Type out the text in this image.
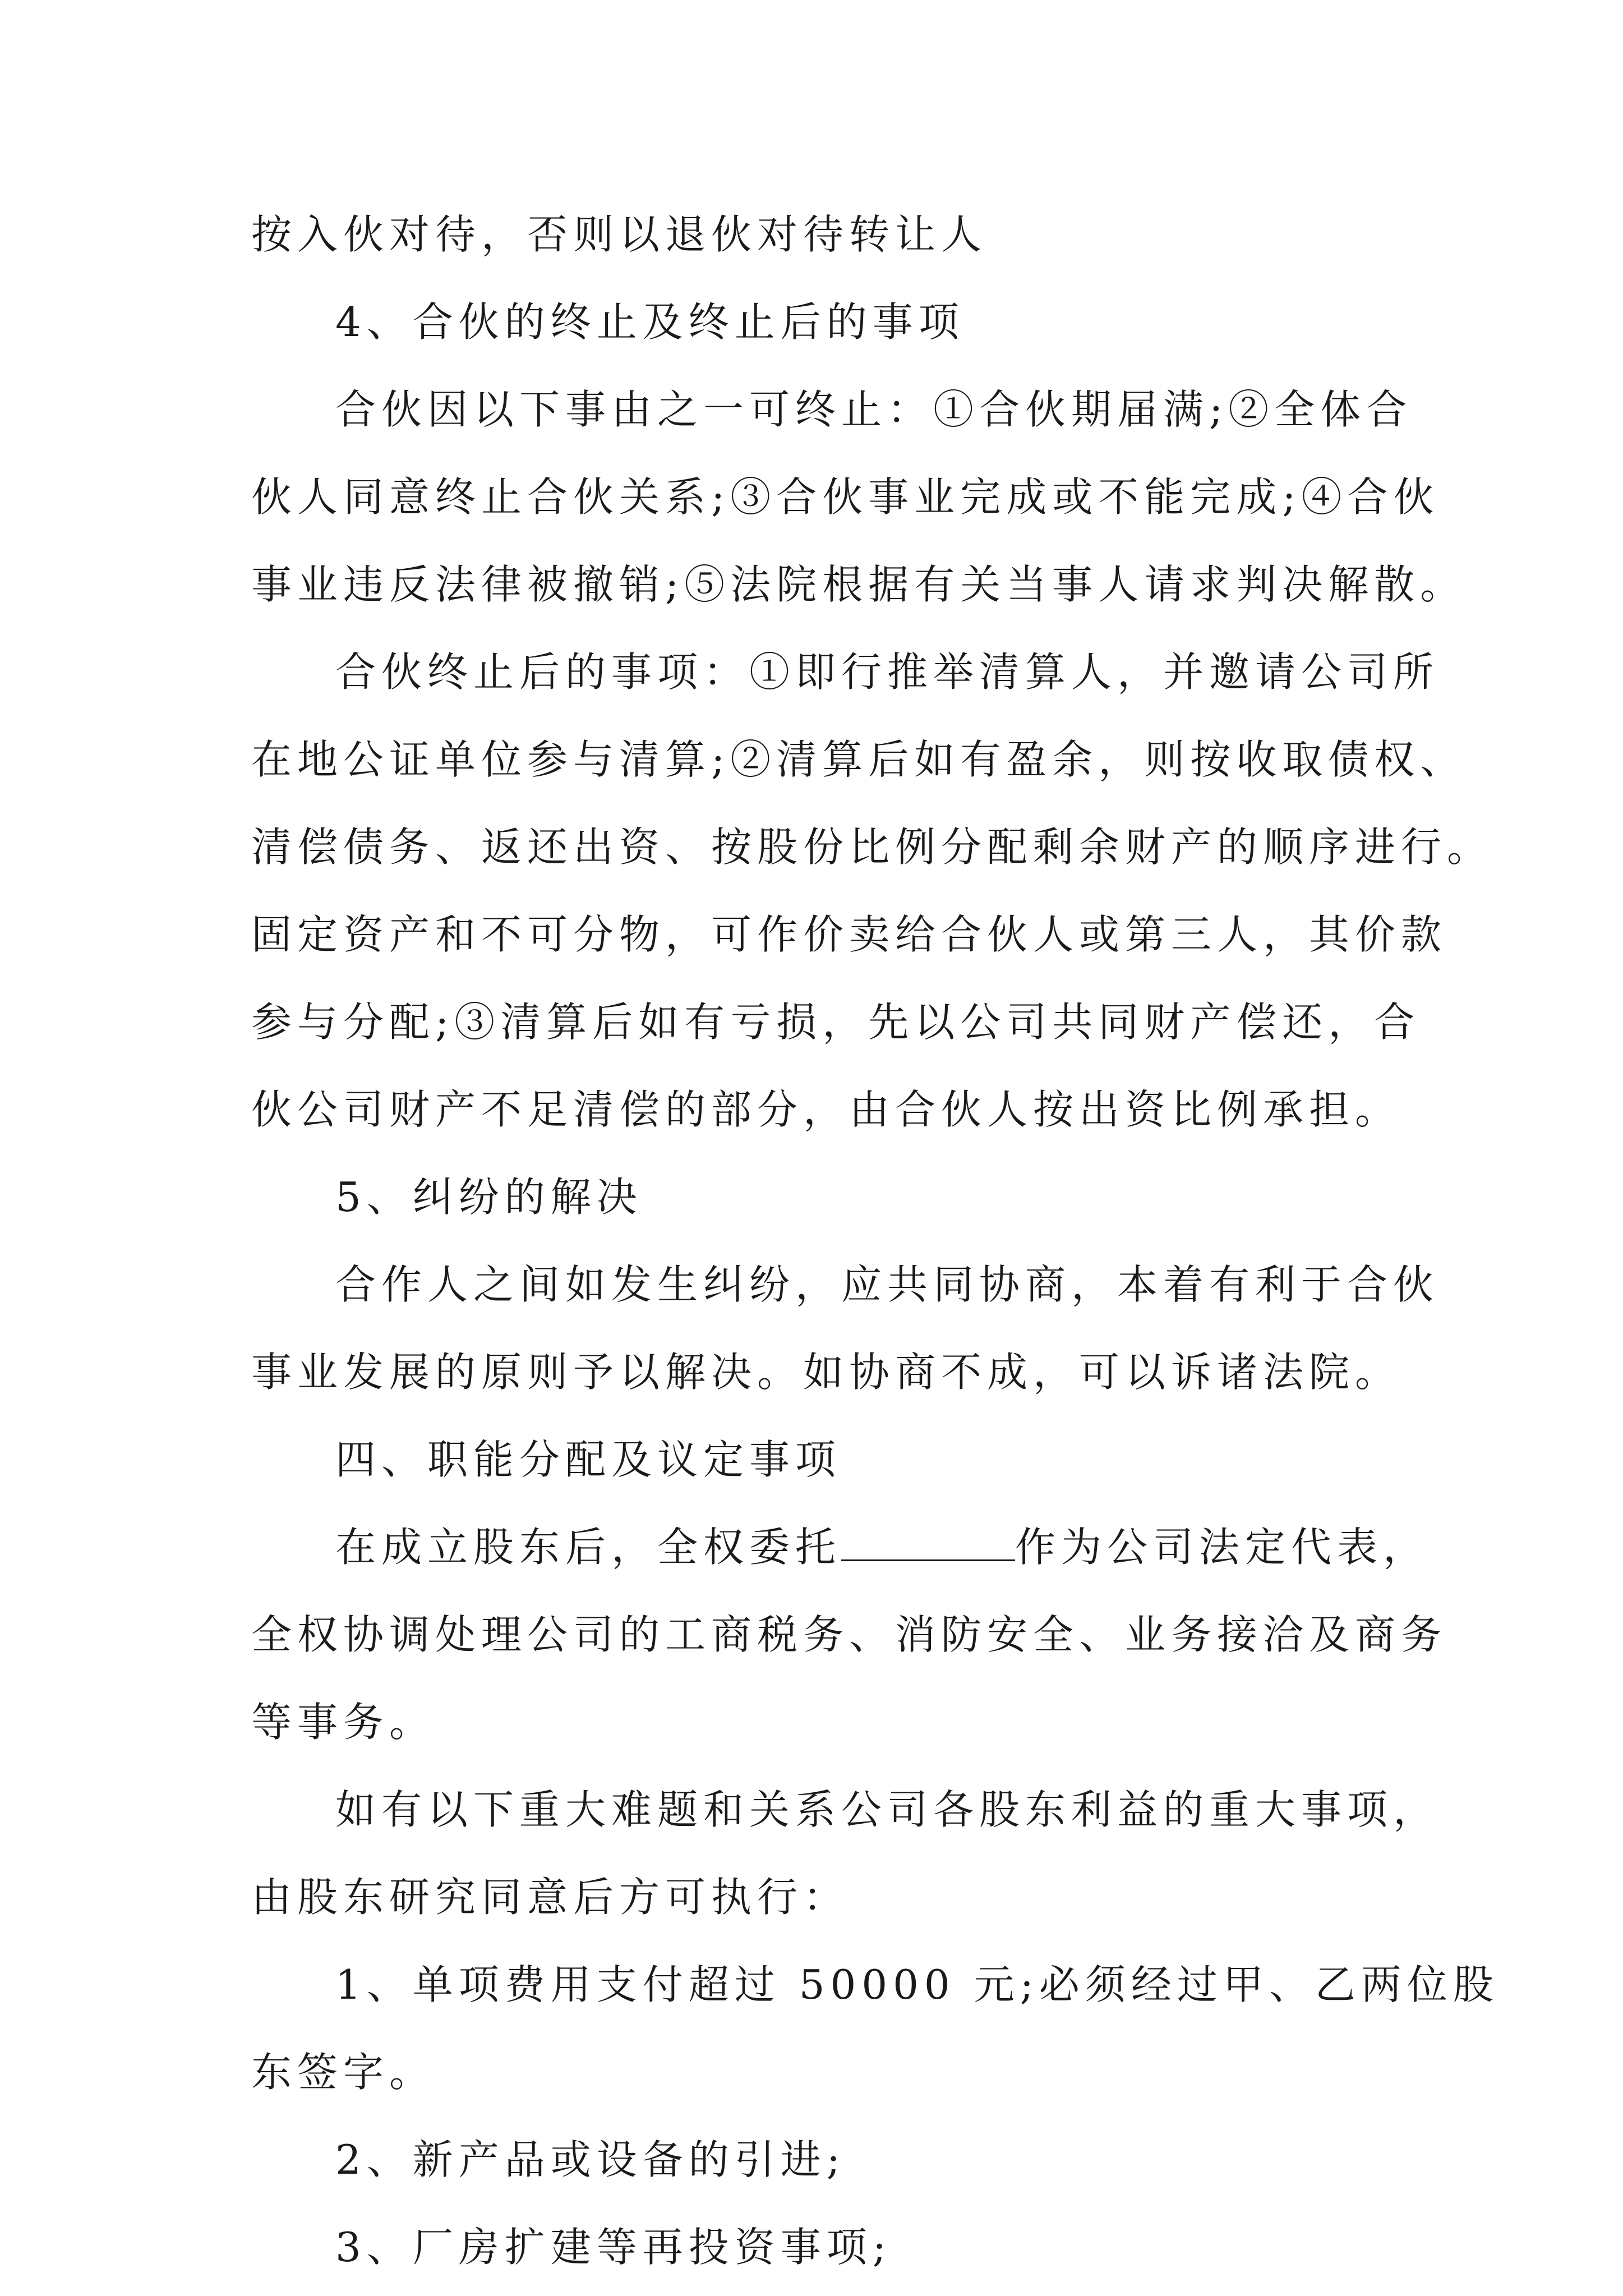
按入伙对待，否则以退伙对待转让人
4、合伙的终止及终止后的事项
合伙因以下事由之一可终止：①合伙期届满;②全体合
伙人同意终止合伙关系;③合伙事业完成或不能完成;④合伙
事业违反法律被撤销;⑤法院根据有关当事人请求判决解散。
合伙终止后的事项：①即行推举清算人，并邀请公司所
在地公证单位参与清算;②清算后如有盈余，则按收取债权、
清偿债务、返还出资、按股份比例分配剩余财产的顺序进行。
固定资产和不可分物，可作价卖给合伙人或第三人，其价款
参与分配;③清算后如有亏损，先以公司共同财产偿还，合
伙公司财产不足清偿的部分，由合伙人按出资比例承担。
5、纠纷的解决
合作人之间如发生纠纷，应共同协商，本着有利于合伙
事业发展的原则予以解决。如协商不成，可以诉诸法院。
四、职能分配及议定事项
在成立股东后，全权委托	作为公司法定代表，
全权协调处理公司的工商税务、消防安全、业务接洽及商务
等事务。
如有以下重大难题和关系公司各股东利益的重大事项，
由股东研究同意后方可执行：
1、单项费用支付超过 50000 元;必须经过甲、乙两位股
东签字。
2、新产品或设备的引进;
3、厂房扩建等再投资事项;
